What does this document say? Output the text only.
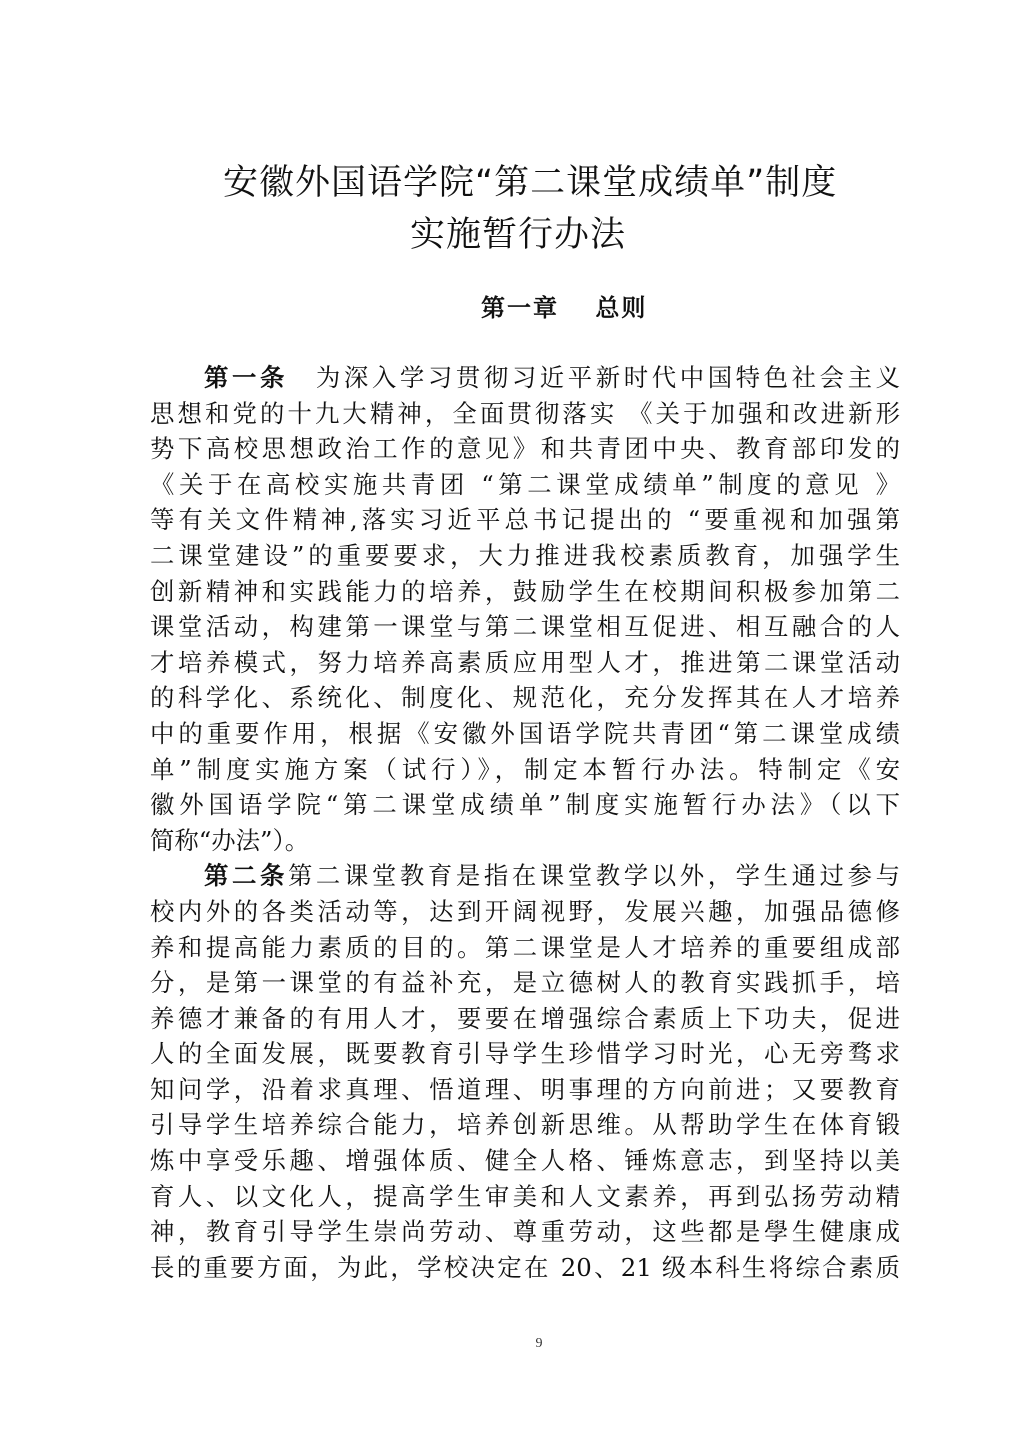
安徽外国语学院“第二课堂成绩单”制度
实施暂行办法
第一章　 总则
第一条　为深入学习贯彻习近平新时代中国特色社会主义
思想和党的十九大精神，全面贯彻落实 《关于加强和改进新形
势下高校思想政治工作的意见》和共青团中央、教育部印发的
《关于在高校实施共青团 “第二课堂成绩单”制度的意见 》
等有关文件精神,落实习近平总书记提出的 “要重视和加强第
二课堂建设”的重要要求，大力推进我校素质教育，加强学生
创新精神和实践能力的培养，鼓励学生在校期间积极参加第二
课堂活动，构建第一课堂与第二课堂相互促进、相互融合的人
才培养模式，努力培养高素质应用型人才，推进第二课堂活动
的科学化、系统化、制度化、规范化，充分发挥其在人才培养
中的重要作用，根据《安徽外国语学院共青团“第二课堂成绩
单”制度实施方案（试行）》，制定本暂行办法。特制定《安
徽外国语学院“第二课堂成绩单”制度实施暂行办法》（以下
简称“办法”）。
第二条第二课堂教育是指在课堂教学以外，学生通过参与
校内外的各类活动等，达到开阔视野，发展兴趣，加强品德修
养和提高能力素质的目的。第二课堂是人才培养的重要组成部
分，是第一课堂的有益补充，是立德树人的教育实践抓手，培
养德才兼备的有用人才，要要在增强综合素质上下功夫，促进
人的全面发展，既要教育引导学生珍惜学习时光，心无旁骛求
知问学，沿着求真理、悟道理、明事理的方向前进；又要教育
引导学生培养综合能力，培养创新思维。从帮助学生在体育锻
炼中享受乐趣、增强体质、健全人格、锤炼意志，到坚持以美
育人、以文化人，提高学生审美和人文素养，再到弘扬劳动精
神，教育引导学生崇尚劳动、尊重劳动，这些都是學生健康成
長的重要方面，为此，学校决定在 20、21 级本科生将综合素质
9
